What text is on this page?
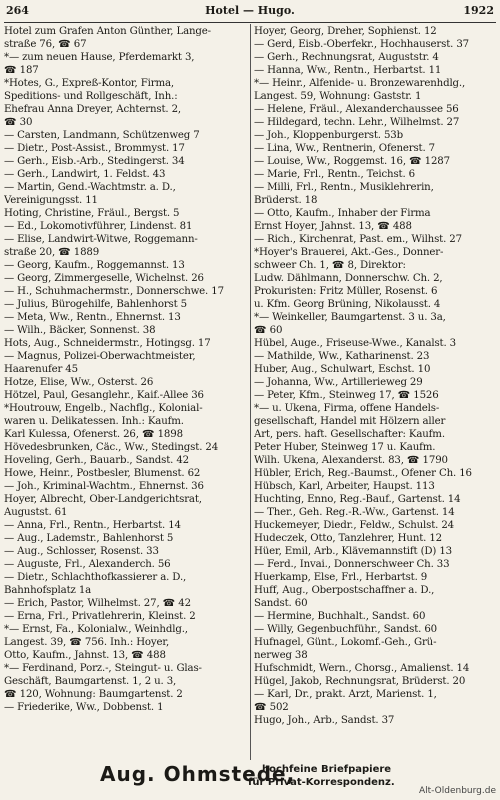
264	Hotel — Hugo.	1922
Hotel zum Grafen Anton Günther, Lange-
straße 76, ☎ 67
*— zum neuen Hause, Pferdemarkt 3,
☎ 187
*Hotes, G., Expreß-Kontor, Firma,
Speditions- und Rollgeschäft, Inh.:
Ehefrau Anna Dreyer, Achternst. 2,
☎ 30
— Carsten, Landmann, Schützenweg 7
— Dietr., Post-Assist., Brommyst. 17
— Gerh., Eisb.-Arb., Stedingerst. 34
— Gerh., Landwirt, 1. Feldst. 43
— Martin, Gend.-Wachtmstr. a. D.,
Vereinigungsst. 11
Hoting, Christine, Fräul., Bergst. 5
— Ed., Lokomotivführer, Lindenst. 81
— Elise, Landwirt-Witwe, Roggemann-
straße 20, ☎ 1889
— Georg, Kaufm., Roggemannst. 13
— Georg, Zimmergeselle, Wichelnst. 26
— H., Schuhmachermstr., Donnerschwe. 17
— Julius, Bürogehilfe, Bahlenhorst 5
— Meta, Ww., Rentn., Ehnernst. 13
— Wilh., Bäcker, Sonnenst. 38
Hots, Aug., Schneidermstr., Hotingsg. 17
— Magnus, Polizei-Oberwachtmeister,
Haarenufer 45
Hotze, Elise, Ww., Osterst. 26
Hötzel, Paul, Gesanglehr., Kaif.-Allee 36
*Houtrouw, Engelb., Nachflg., Kolonial-
waren u. Delikatessen. Inh.: Kaufm.
Karl Kulessa, Ofenerst. 26, ☎ 1898
Hövedesbrunken, Cäc., Ww., Stedingst. 24
Hoveling, Gerh., Bauarb., Sandst. 42
Howe, Heinr., Postbesler, Blumenst. 62
— Joh., Kriminal-Wachtm., Ehnernst. 36
Hoyer, Albrecht, Ober-Landgerichtsrat,
Augustst. 61
— Anna, Frl., Rentn., Herbartst. 14
— Aug., Lademstr., Bahlenhorst 5
— Aug., Schlosser, Rosenst. 33
— Auguste, Frl., Alexanderch. 56
— Dietr., Schlachthofkassierer a. D.,
Bahnhofsplatz 1a
— Erich, Pastor, Wilhelmst. 27, ☎ 42
— Erna, Frl., Privatlehrerin, Kleinst. 2
*— Ernst, Fa., Kolonialw., Weinhdlg.,
Langest. 39, ☎ 756. Inh.: Hoyer,
Otto, Kaufm., Jahnst. 13, ☎ 488
*— Ferdinand, Porz.-, Steingut- u. Glas-
Geschäft, Baumgartenst. 1, 2 u. 3,
☎ 120, Wohnung: Baumgartenst. 2
— Friederike, Ww., Dobbenst. 1
Hoyer, Georg, Dreher, Sophienst. 12
— Gerd, Eisb.-Oberfekr., Hochhauserst. 37
— Gerh., Rechnungsrat, Auguststr. 4
— Hanna, Ww., Rentn., Herbartst. 11
*— Heinr., Alfenide- u. Bronzewarenhdlg.,
Langest. 59, Wohnung: Gaststr. 1
— Helene, Fräul., Alexanderchaussee 56
— Hildegard, techn. Lehr., Wilhelmst. 27
— Joh., Kloppenburgerst. 53b
— Lina, Ww., Rentnerin, Ofenerst. 7
— Louise, Ww., Roggemst. 16, ☎ 1287
— Marie, Frl., Rentn., Teichst. 6
— Milli, Frl., Rentn., Musiklehrerin,
Brüderst. 18
— Otto, Kaufm., Inhaber der Firma
Ernst Hoyer, Jahnst. 13, ☎ 488
— Rich., Kirchenrat, Past. em., Wilhst. 27
*Hoyer's Brauerei, Akt.-Ges., Donner-
schweer Ch. 1, ☎ 8, Direktor:
Ludw. Dählmann, Donnerschw. Ch. 2,
Prokuristen: Fritz Müller, Rosenst. 6
u. Kfm. Georg Brüning, Nikolausst. 4
*— Weinkeller, Baumgartenst. 3 u. 3a,
☎ 60
Hübel, Auge., Friseuse-Wwe., Kanalst. 3
— Mathilde, Ww., Katharinenst. 23
Huber, Aug., Schulwart, Eschst. 10
— Johanna, Ww., Artillerieweg 29
— Peter, Kfm., Steinweg 17, ☎ 1526
*— u. Ukena, Firma, offene Handels-
gesellschaft, Handel mit Hölzern aller
Art, pers. haft. Gesellschafter: Kaufm.
Peter Huber, Steinweg 17 u. Kaufm.
Wilh. Ukena, Alexanderst. 83, ☎ 1790
Hübler, Erich, Reg.-Baumst., Ofener Ch. 16
Hübsch, Karl, Arbeiter, Haupst. 113
Huchting, Enno, Reg.-Bauf., Gartenst. 14
— Ther., Geh. Reg.-R.-Ww., Gartenst. 14
Huckemeyer, Diedr., Feldw., Schulst. 24
Hudeczek, Otto, Tanzlehrer, Hunt. 12
Hüer, Emil, Arb., Klävemannstift (D) 13
— Ferd., Invai., Donnerschweer Ch. 33
Huerkamp, Else, Frl., Herbartst. 9
Huff, Aug., Oberpostschaffner a. D.,
Sandst. 60
— Hermine, Buchhalt., Sandst. 60
— Willy, Gegenbuchführ., Sandst. 60
Hufnagel, Günt., Lokomf.-Geh., Grü-
nerweg 38
Hufschmidt, Wern., Chorsg., Amalienst. 14
Hügel, Jakob, Rechnungsrat, Brüderst. 20
— Karl, Dr., prakt. Arzt, Marienst. 1,
☎ 502
Hugo, Joh., Arb., Sandst. 37
Aug. Ohmstede,
hochfeine Briefpapiere
für Privat-Korrespondenz.
Alt-Oldenburg.de
